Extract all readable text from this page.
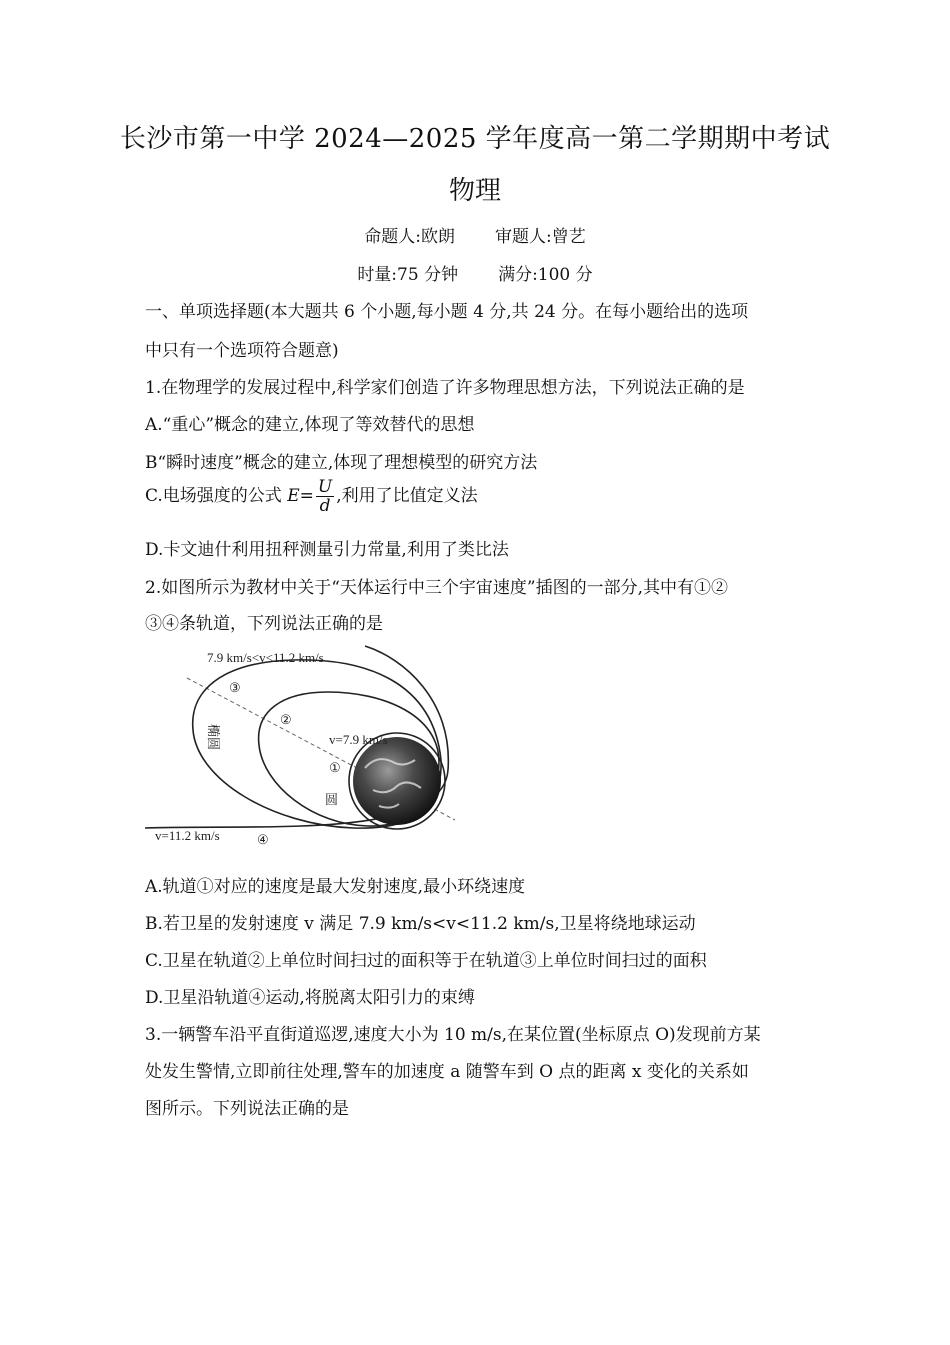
长沙市第一中学 2024—2025 学年度高一第二学期期中考试
物理
命题人:欧朗 审题人:曾艺
时量:75 分钟 满分:100 分
一、单项选择题(本大题共 6 个小题,每小题 4 分,共 24 分。在每小题给出的选项
中只有一个选项符合题意)
1.在物理学的发展过程中,科学家们创造了许多物理思想方法，下列说法正确的是
A.“重心”概念的建立,体现了等效替代的思想
B“瞬时速度”概念的建立,体现了理想模型的研究方法
C.电场强度的公式 $E= \frac{U}{d}$ ,利用了比值定义法
D.卡文迪什利用扭秤测量引力常量,利用了类比法
2.如图所示为教材中关于“天体运行中三个宇宙速度”插图的一部分,其中有①②
③④条轨道，下列说法正确的是
7.9 km/s<v<11.2 km/s
③
②
椭圆	v=7.9 km/s
①
圆
v=11.2 km/s	④
A.轨道①对应的速度是最大发射速度,最小环绕速度
B.若卫星的发射速度 v 满足 7.9 km/s<v<11.2 km/s,卫星将绕地球运动
C.卫星在轨道②上单位时间扫过的面积等于在轨道③上单位时间扫过的面积
D.卫星沿轨道④运动,将脱离太阳引力的束缚
3.一辆警车沿平直街道巡逻,速度大小为 10 m/s,在某位置(坐标原点 O)发现前方某
处发生警情,立即前往处理,警车的加速度 a 随警车到 O 点的距离 x 变化的关系如
图所示。下列说法正确的是
